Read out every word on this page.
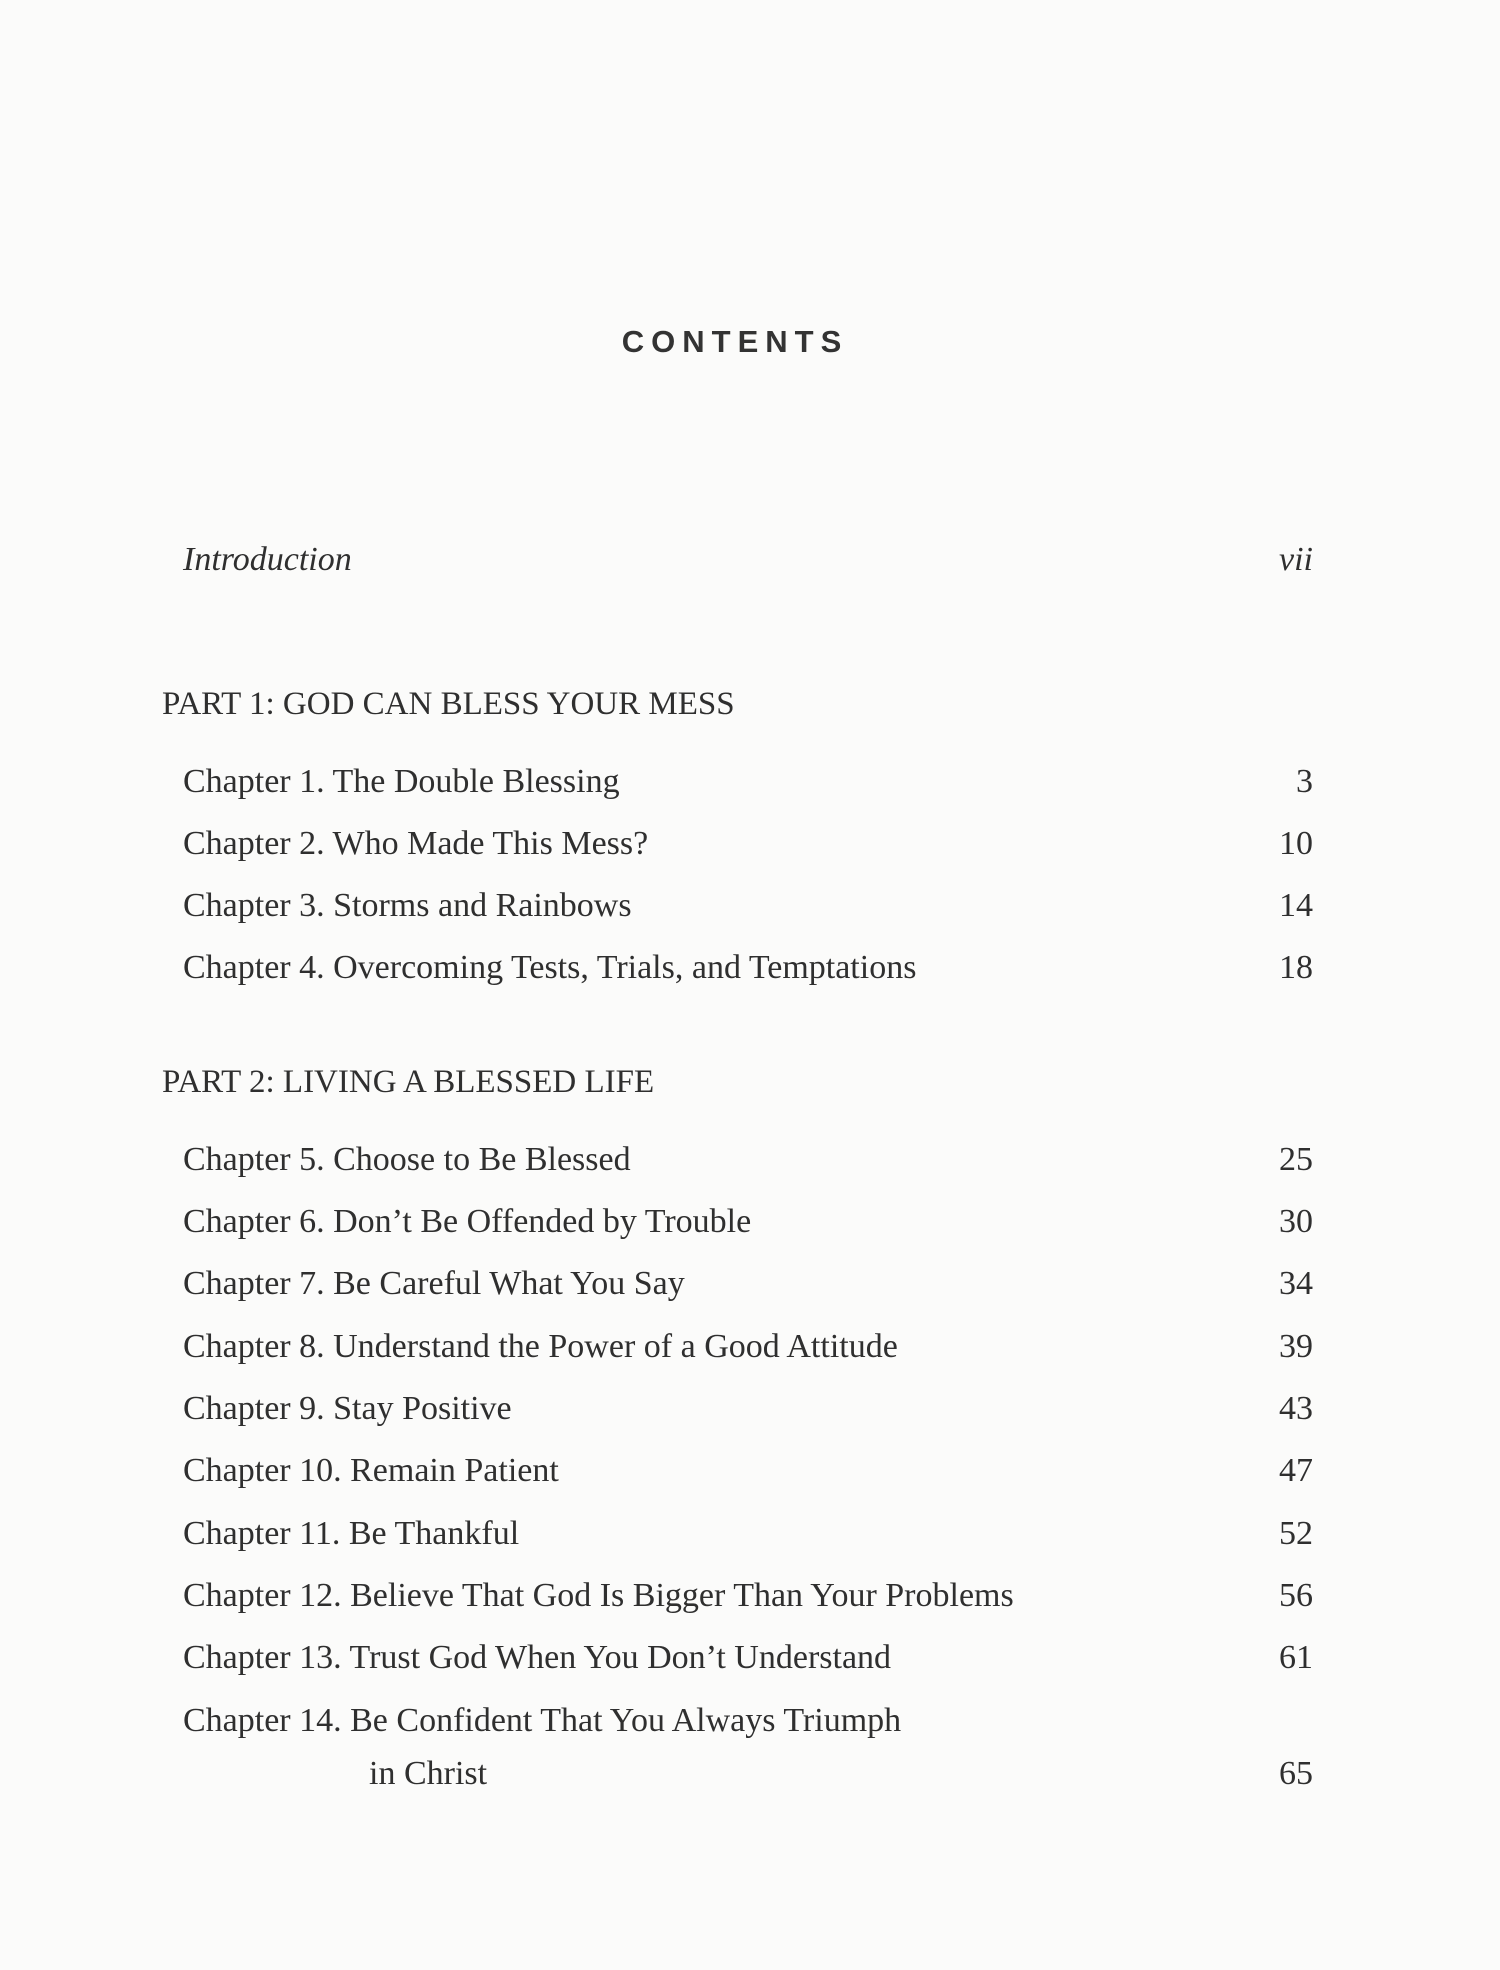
CONTENTS
Introduction	vii
PART 1: GOD CAN BLESS YOUR MESS
Chapter 1. The Double Blessing	3
Chapter 2. Who Made This Mess?	10
Chapter 3. Storms and Rainbows	14
Chapter 4. Overcoming Tests, Trials, and Temptations	18
PART 2: LIVING A BLESSED LIFE
Chapter 5. Choose to Be Blessed	25
Chapter 6. Don’t Be Offended by Trouble	30
Chapter 7. Be Careful What You Say	34
Chapter 8. Understand the Power of a Good Attitude	39
Chapter 9. Stay Positive	43
Chapter 10. Remain Patient	47
Chapter 11. Be Thankful	52
Chapter 12. Believe That God Is Bigger Than Your Problems	56
Chapter 13. Trust God When You Don’t Understand	61
Chapter 14. Be Confident That You Always Triumph
in Christ	65
